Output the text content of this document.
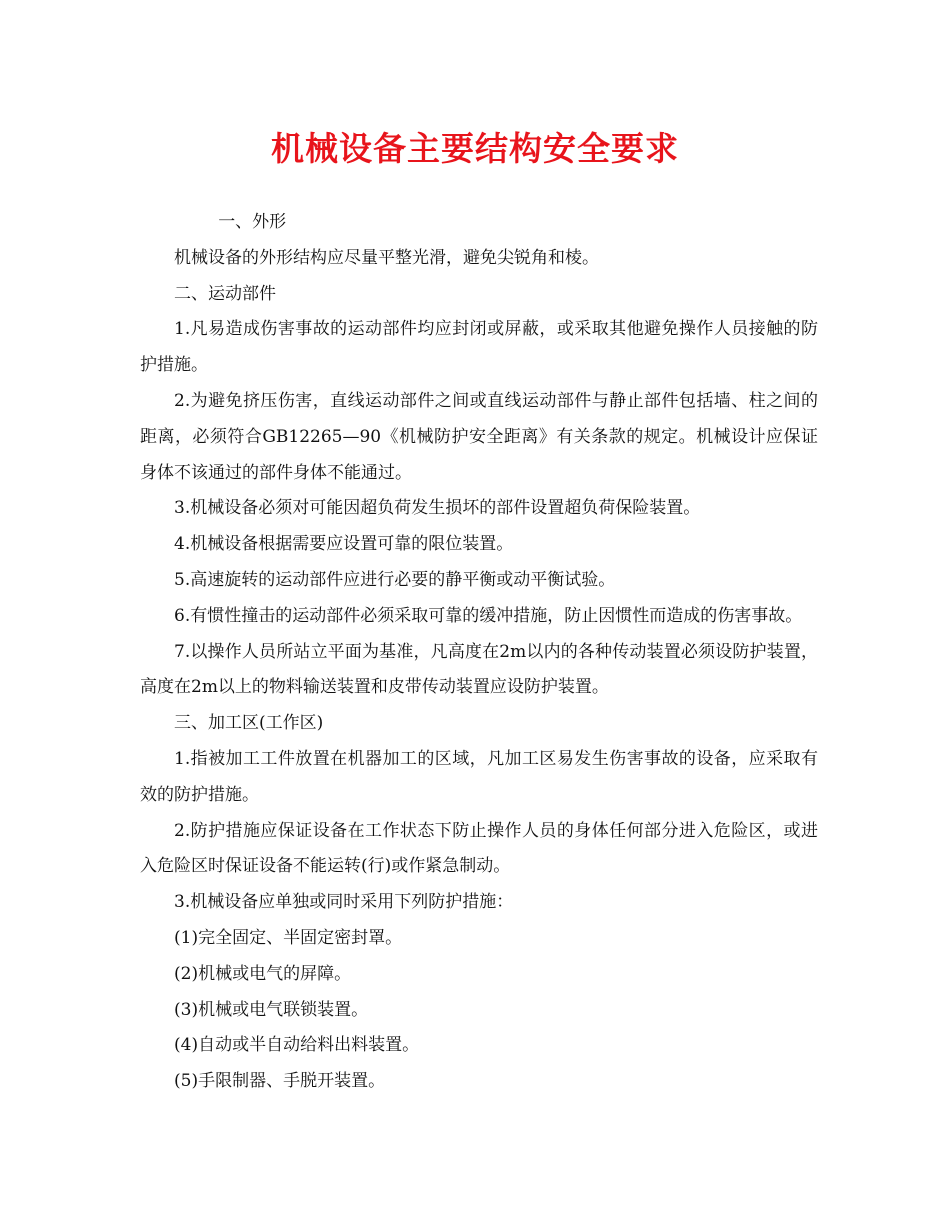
机械设备主要结构安全要求

一、外形

机械设备的外形结构应尽量平整光滑，避免尖锐角和棱。

二、运动部件

1.凡易造成伤害事故的运动部件均应封闭或屏蔽，或采取其他避免操作人员接触的防护措施。

2.为避免挤压伤害，直线运动部件之间或直线运动部件与静止部件包括墙、柱之间的距离，必须符合GB12265—90《机械防护安全距离》有关条款的规定。机械设计应保证身体不该通过的部件身体不能通过。

3.机械设备必须对可能因超负荷发生损坏的部件设置超负荷保险装置。

4.机械设备根据需要应设置可靠的限位装置。

5.高速旋转的运动部件应进行必要的静平衡或动平衡试验。

6.有惯性撞击的运动部件必须采取可靠的缓冲措施，防止因惯性而造成的伤害事故。

7.以操作人员所站立平面为基准，凡高度在2m以内的各种传动装置必须设防护装置，高度在2m以上的物料输送装置和皮带传动装置应设防护装置。

三、加工区(工作区)

1.指被加工工件放置在机器加工的区域，凡加工区易发生伤害事故的设备，应采取有效的防护措施。

2.防护措施应保证设备在工作状态下防止操作人员的身体任何部分进入危险区，或进入危险区时保证设备不能运转(行)或作紧急制动。

3.机械设备应单独或同时采用下列防护措施：

(1)完全固定、半固定密封罩。

(2)机械或电气的屏障。

(3)机械或电气联锁装置。

(4)自动或半自动给料出料装置。

(5)手限制器、手脱开装置。
